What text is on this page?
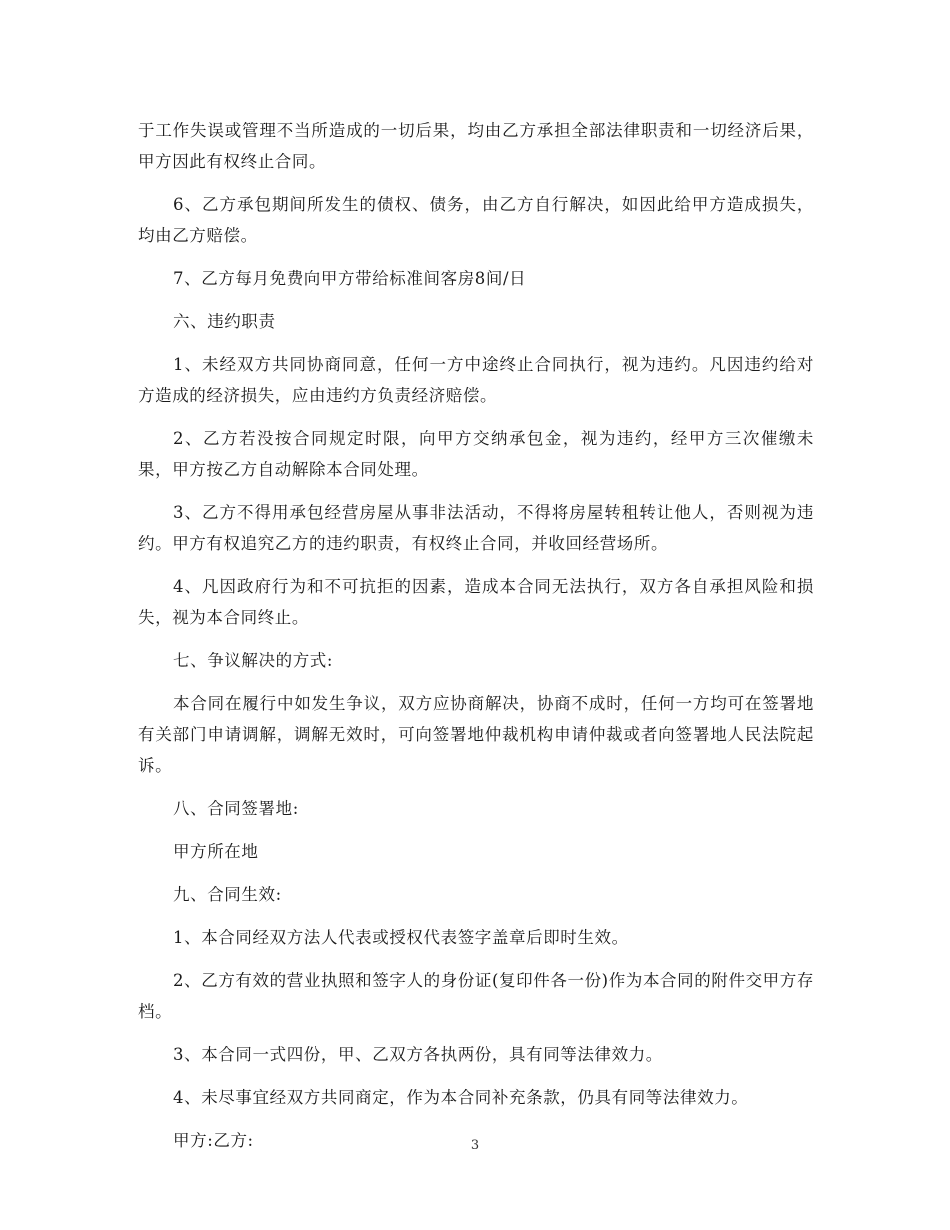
于工作失误或管理不当所造成的一切后果，均由乙方承担全部法律职责和一切经济后果，甲方因此有权终止合同。

6、乙方承包期间所发生的债权、债务，由乙方自行解决，如因此给甲方造成损失，均由乙方赔偿。

7、乙方每月免费向甲方带给标准间客房8间/日

六、违约职责

1、未经双方共同协商同意，任何一方中途终止合同执行，视为违约。凡因违约给对方造成的经济损失，应由违约方负责经济赔偿。

2、乙方若没按合同规定时限，向甲方交纳承包金，视为违约，经甲方三次催缴未果，甲方按乙方自动解除本合同处理。

3、乙方不得用承包经营房屋从事非法活动，不得将房屋转租转让他人，否则视为违约。甲方有权追究乙方的违约职责，有权终止合同，并收回经营场所。

4、凡因政府行为和不可抗拒的因素，造成本合同无法执行，双方各自承担风险和损失，视为本合同终止。

七、争议解决的方式:

本合同在履行中如发生争议，双方应协商解决，协商不成时，任何一方均可在签署地有关部门申请调解，调解无效时，可向签署地仲裁机构申请仲裁或者向签署地人民法院起诉。

八、合同签署地:

甲方所在地

九、合同生效:

1、本合同经双方法人代表或授权代表签字盖章后即时生效。

2、乙方有效的营业执照和签字人的身份证(复印件各一份)作为本合同的附件交甲方存档。

3、本合同一式四份，甲、乙双方各执两份，具有同等法律效力。

4、未尽事宜经双方共同商定，作为本合同补充条款，仍具有同等法律效力。

甲方:乙方:	3
